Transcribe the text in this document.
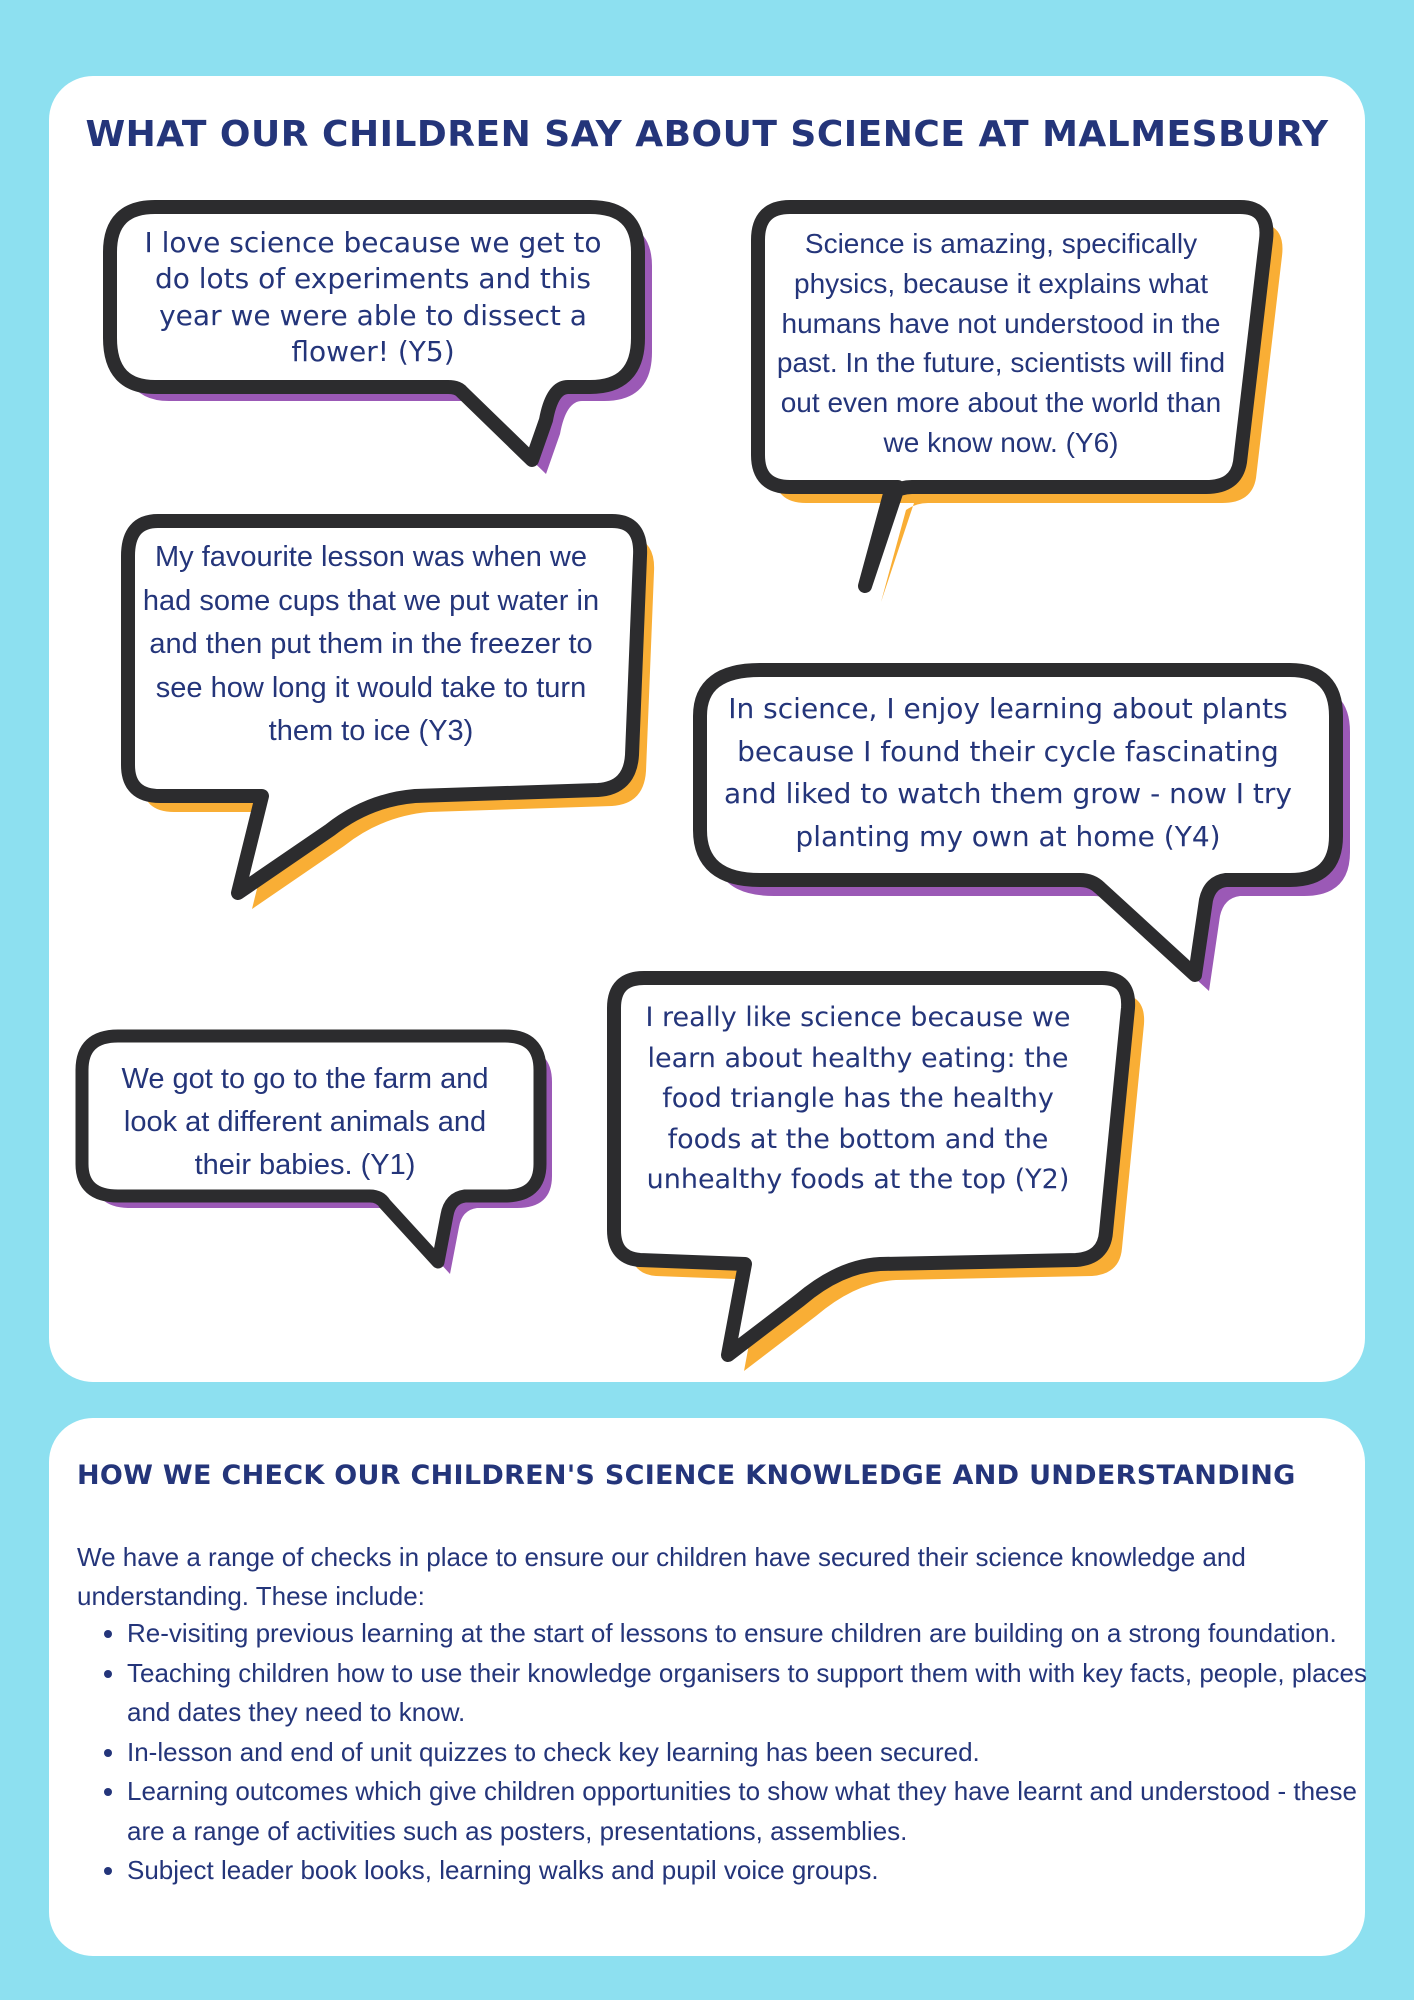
WHAT OUR CHILDREN SAY ABOUT SCIENCE AT MALMESBURY
HOW WE CHECK OUR CHILDREN'S SCIENCE KNOWLEDGE AND UNDERSTANDING

We have a range of checks in place to ensure our children have secured their science knowledge and understanding. These include:

• Re-visiting previous learning at the start of lessons to ensure children are building on a strong foundation.
• Teaching children how to use their knowledge organisers to support them with with key facts, people, places and dates they need to know.
• In-lesson and end of unit quizzes to check key learning has been secured.
• Learning outcomes which give children opportunities to show what they have learnt and understood - these are a range of activities such as posters, presentations, assemblies.
• Subject leader book looks, learning walks and pupil voice groups.
I love science because we get to do lots of experiments and this year we were able to dissect a flower! (Y5)
Science is amazing, specifically physics, because it explains what humans have not understood in the past. In the future, scientists will find out even more about the world than we know now. (Y6)
My favourite lesson was when we had some cups that we put water in and then put them in the freezer to see how long it would take to turn them to ice (Y3)
In science, I enjoy learning about plants because I found their cycle fascinating and liked to watch them grow - now I try planting my own at home (Y4)
We got to go to the farm and look at different animals and their babies. (Y1)
I really like science because we learn about healthy eating: the food triangle has the healthy foods at the bottom and the unhealthy foods at the top (Y2)
